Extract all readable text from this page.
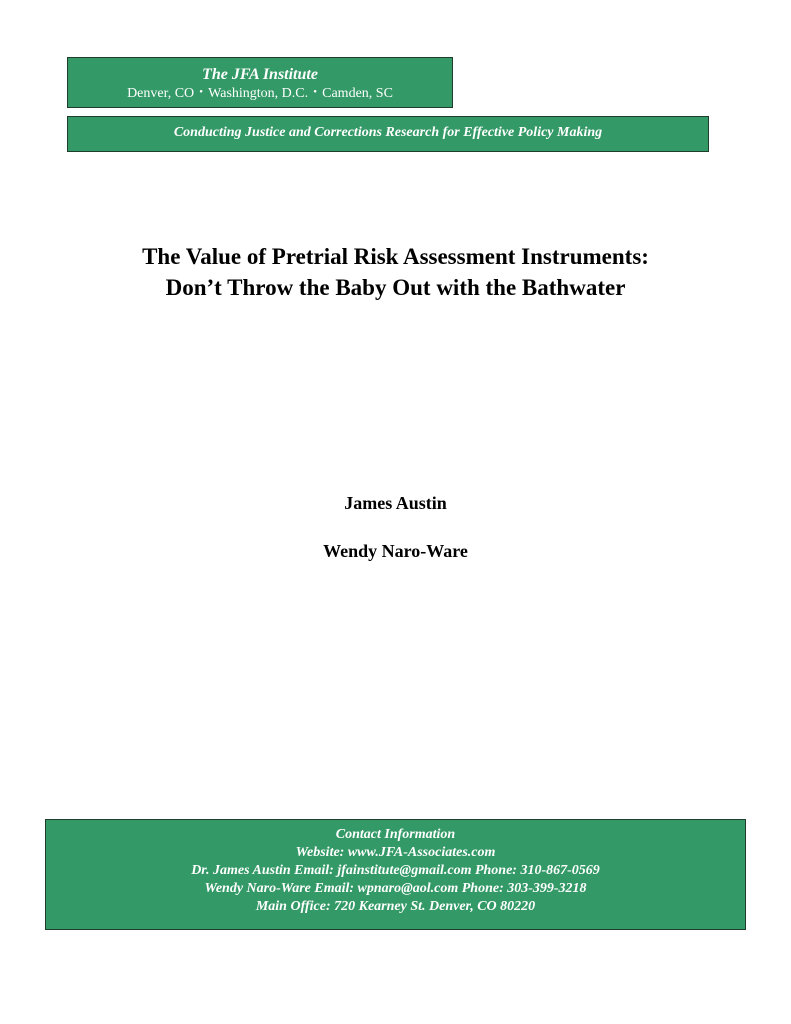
The JFA Institute
Denver, CO・Washington, D.C.・Camden, SC
Conducting Justice and Corrections Research for Effective Policy Making
The Value of Pretrial Risk Assessment Instruments:
Don’t Throw the Baby Out with the Bathwater
James Austin
Wendy Naro-Ware
Contact Information
Website: www.JFA-Associates.com
Dr. James Austin Email: jfainstitute@gmail.com Phone: 310-867-0569
Wendy Naro-Ware Email: wpnaro@aol.com Phone: 303-399-3218
Main Office: 720 Kearney St. Denver, CO 80220
